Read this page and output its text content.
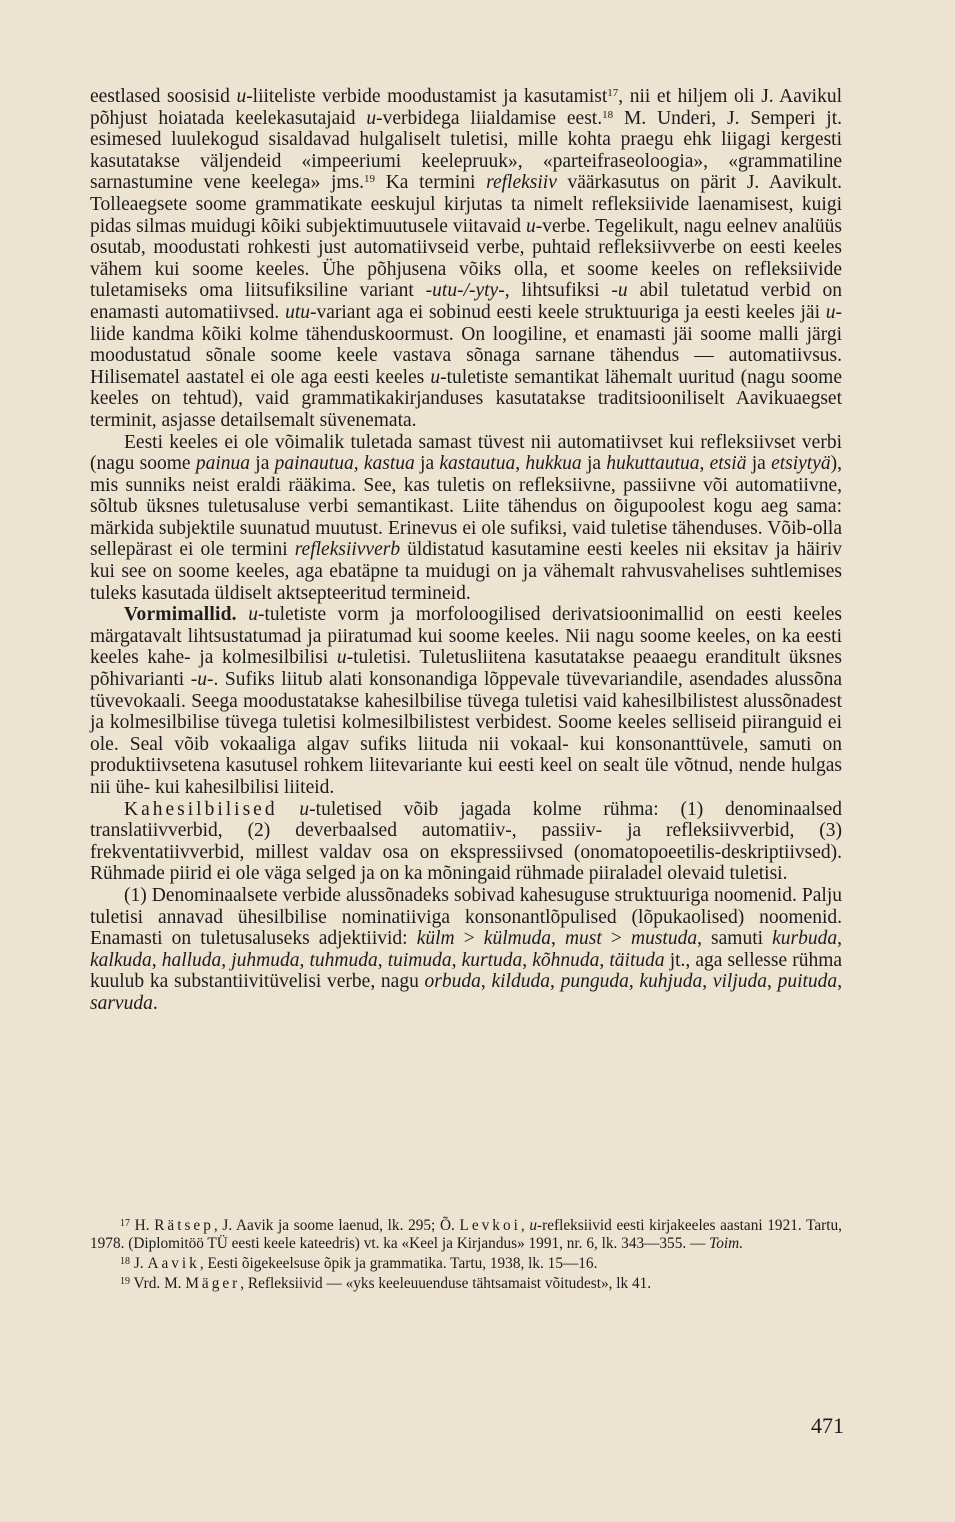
eestlased soosisid u-liiteliste verbide moodustamist ja kasutamist$^{17}$, nii et hiljem oli J. Aavikul põhjust hoiatada keelekasutajaid u-verbidega liialdamise eest.$^{18}$ M. Underi, J. Semperi jt. esimesed luulekogud sisaldavad hulgaliselt tuletisi, mille kohta praegu ehk liigagi kergesti kasutatakse väljendeid «impeeriumi keelepruuk», «parteifraseoloogia», «grammatiline sarnastumine vene keelega» jms.$^{19}$ Ka termini refleksiiv väärkasutus on pärit J. Aavikult. Tolleaegsete soome grammatikate eeskujul kirjutas ta nimelt refleksiivide laenamisest, kuigi pidas silmas muidugi kõiki subjektimuutusele viitavaid u-verbe. Tegelikult, nagu eelnev analüüs osutab, moodustati rohkesti just automatiivseid verbe, puhtaid refleksiivverbe on eesti keeles vähem kui soome keeles. Ühe põhjusena võiks olla, et soome keeles on refleksiivide tuletamiseks oma liitsufiksiline variant -utu-/-yty-, lihtsufiksi -u abil tuletatud verbid on enamasti automatiivsed. utu-variant aga ei sobinud eesti keele struktuuriga ja eesti keeles jäi u-liide kandma kõiki kolme tähenduskoormust. On loogiline, et enamasti jäi soome malli järgi moodustatud sõnale soome keele vastava sõnaga sarnane tähendus — automatiivsus. Hilisematel aastatel ei ole aga eesti keeles u-tuletiste semantikat lähemalt uuritud (nagu soome keeles on tehtud), vaid grammatikakirjanduses kasutatakse traditsiooniliselt Aavikuaegset terminit, asjasse detailsemalt süvenemata.

Eesti keeles ei ole võimalik tuletada samast tüvest nii automatiivset kui refleksiivset verbi (nagu soome painua ja painautua, kastua ja kastautua, hukkua ja hukuttautua, etsiä ja etsiytyä), mis sunniks neist eraldi rääkima. See, kas tuletis on refleksiivne, passiivne või automatiivne, sõltub üksnes tuletusaluse verbi semantikast. Liite tähendus on õigupoolest kogu aeg sama: märkida subjektile suunatud muutust. Erinevus ei ole sufiksi, vaid tuletise tähenduses. Võib-olla sellepärast ei ole termini refleksiivverb üldistatud kasutamine eesti keeles nii eksitav ja häiriv kui see on soome keeles, aga ebatäpne ta muidugi on ja vähemalt rahvusvahelises suhtlemises tuleks kasutada üldiselt aktsepteeritud termineid.

Vormimallid. u-tuletiste vorm ja morfoloogilised derivatsioonimallid on eesti keeles märgatavalt lihtsustatumad ja piiratumad kui soome keeles. Nii nagu soome keeles, on ka eesti keeles kahe- ja kolmesilbilisi u-tuletisi. Tuletusliitena kasutatakse peaaegu eranditult üksnes põhivarianti -u-. Sufiks liitub alati konsonandiga lõppevale tüvevariandile, asendades alussõna tüvevokaali. Seega moodustatakse kahesilbilise tüvega tuletisi vaid kahesilbilistest alussõnadest ja kolmesilbilise tüvega tuletisi kolmesilbilistest verbidest. Soome keeles selliseid piiranguid ei ole. Seal võib vokaaliga algav sufiks liituda nii vokaal- kui konsonanttüvele, samuti on produktiivsetena kasutusel rohkem liitevariante kui eesti keel on sealt üle võtnud, nende hulgas nii ühe- kui kahesilbilisi liiteid.

Kahesilbilised u-tuletised võib jagada kolme rühma: (1) denominaalsed translatiivverbid, (2) deverbaalsed automatiiv-, passiiv- ja refleksiivverbid, (3) frekventatiivverbid, millest valdav osa on ekspressiivsed (onomatopoeetilis-deskriptiivsed). Rühmade piirid ei ole väga selged ja on ka mõningaid rühmade piiraladel olevaid tuletisi.

(1) Denominaalsete verbide alussõnadeks sobivad kahesuguse struktuuriga noomenid. Palju tuletisi annavad ühesilbilise nominatiiviga konsonantlõpulised (lõpukaolised) noomenid. Enamasti on tuletusaluseks adjektiivid: külm > külmuda, must > mustuda, samuti kurbuda, kalkuda, halluda, juhmuda, tuhmuda, tuimuda, kurtuda, kõhnuda, täituda jt., aga sellesse rühma kuulub ka substantiivitüvelisi verbe, nagu orbuda, kilduda, punguda, kuhjuda, viljuda, puituda, sarvuda.

$^{17}$ H. Rätsep, J. Aavik ja soome laenud, lk. 295; Õ. Levkoi, u-refleksiivid eesti kirjakeeles aastani 1921. Tartu, 1978. (Diplomitöö TÜ eesti keele kateedris) vt. ka «Keel ja Kirjandus» 1991, nr. 6, lk. 343—355. — Toim.

$^{18}$ J. Aavik, Eesti õigekeelsuse õpik ja grammatika. Tartu, 1938, lk. 15—16.

$^{19}$ Vrd. M. Mäger, Refleksiivid — «yks keeleuuenduse tähtsamaist võitudest», lk 41.

471
